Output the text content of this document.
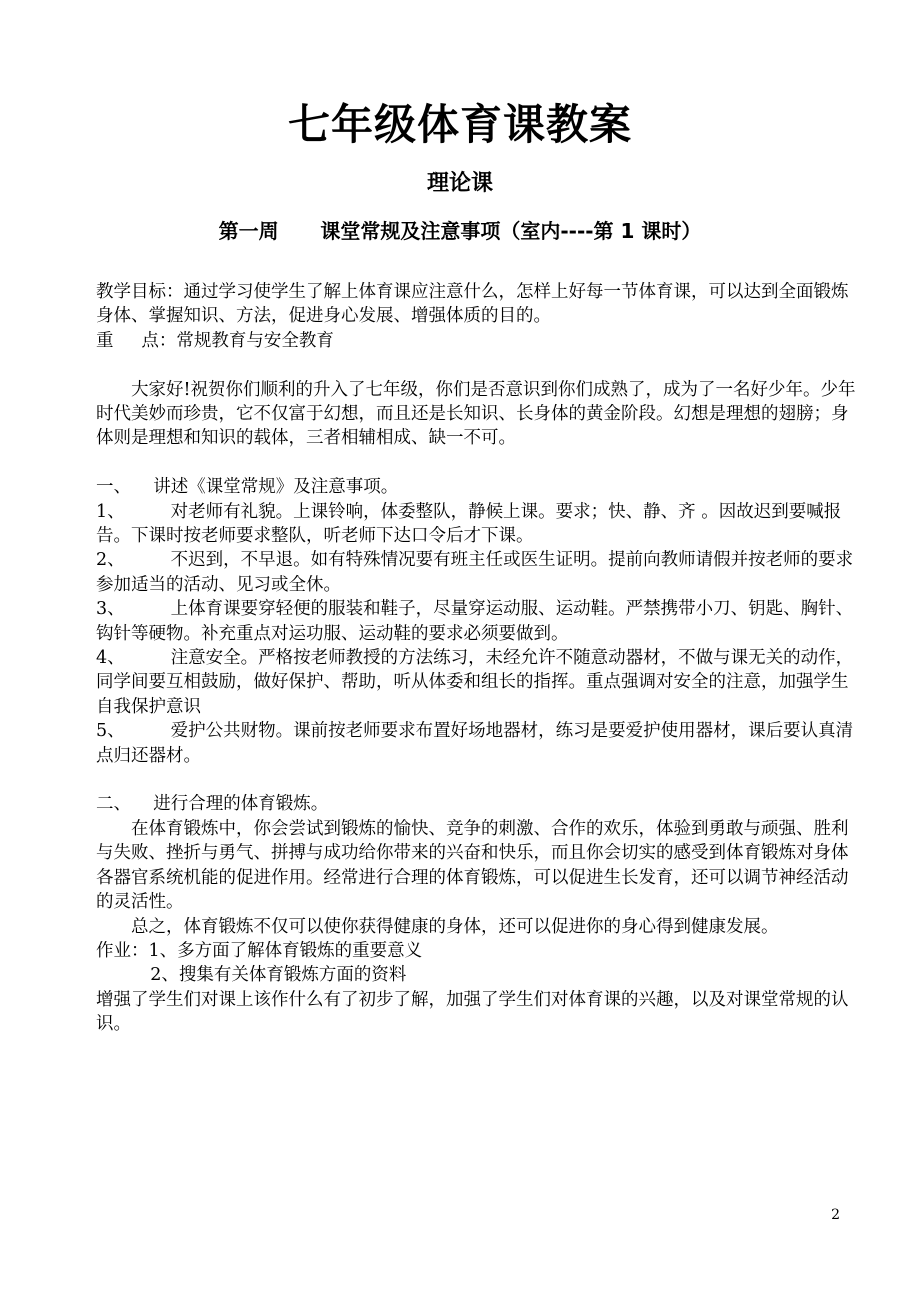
七年级体育课教案
理论课
第一周      课堂常规及注意事项（室内----第 1 课时）

教学目标：通过学习使学生了解上体育课应注意什么，怎样上好每一节体育课，可以达到全面锻炼身体、掌握知识、方法，促进身心发展、增强体质的目的。

重     点：常规教育与安全教育

大家好!祝贺你们顺利的升入了七年级，你们是否意识到你们成熟了，成为了一名好少年。少年时代美妙而珍贵，它不仅富于幻想，而且还是长知识、长身体的黄金阶段。幻想是理想的翅膀；身体则是理想和知识的载体，三者相辅相成、缺一不可。

一、    讲述《课堂常规》及注意事项。

1、	对老师有礼貌。上课铃响，体委整队，静候上课。要求；快、静、齐 。因故迟到要喊报告。下课时按老师要求整队，听老师下达口令后才下课。

2、	不迟到，不早退。如有特殊情况要有班主任或医生证明。提前向教师请假并按老师的要求参加适当的活动、见习或全休。

3、	上体育课要穿轻便的服装和鞋子，尽量穿运动服、运动鞋。严禁携带小刀、钥匙、胸针、钩针等硬物。补充重点对运功服、运动鞋的要求必须要做到。

4、	注意安全。严格按老师教授的方法练习，未经允许不随意动器材，不做与课无关的动作，同学间要互相鼓励，做好保护、帮助，听从体委和组长的指挥。重点强调对安全的注意，加强学生自我保护意识

5、	爱护公共财物。课前按老师要求布置好场地器材，练习是要爱护使用器材，课后要认真清点归还器材。

二、    进行合理的体育锻炼。

在体育锻炼中，你会尝试到锻炼的愉快、竞争的刺激、合作的欢乐，体验到勇敢与顽强、胜利与失败、挫折与勇气、拼搏与成功给你带来的兴奋和快乐，而且你会切实的感受到体育锻炼对身体各器官系统机能的促进作用。经常进行合理的体育锻炼，可以促进生长发育，还可以调节神经活动的灵活性。

总之，体育锻炼不仅可以使你获得健康的身体，还可以促进你的身心得到健康发展。

作业：1、多方面了解体育锻炼的重要意义

2、搜集有关体育锻炼方面的资料

增强了学生们对课上该作什么有了初步了解，加强了学生们对体育课的兴趣，以及对课堂常规的认识。

2
